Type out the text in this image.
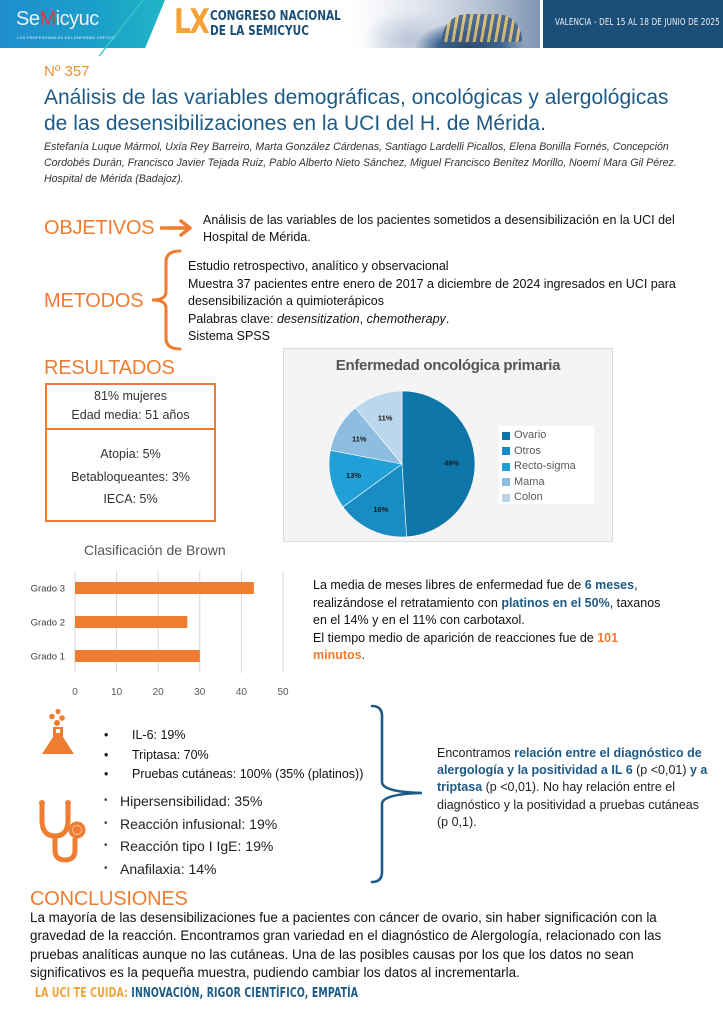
SeMicyuc
LOS PROFESIONALES DEL ENFERMO CRÍTICO LX CONGRESO NACIONAL
DE LA SEMICYUC
VALENCIA - DEL 15 AL 18 DE JUNIO DE 2025
Nº 357
Análisis de las variables demográficas, oncológicas y alergológicas de las desensibilizaciones en la UCI del H. de Mérida.
Estefanía Luque Mármol, Uxía Rey Barreiro, Marta González Cárdenas, Santiago Lardelli Picallos, Elena Bonilla Fornés, Concepción Cordobés Durán, Francisco Javier Tejada Ruiz, Pablo Alberto Nieto Sánchez, Miguel Francisco Benítez Morillo, Noemí Mara Gil Pérez.
Hospital de Mérida (Badajoz).
OBJETIVOS	Análisis de las variables de los pacientes sometidos a desensibilización en la UCI del Hospital de Mérida.
METODOS
Estudio retrospectivo, analítico y observacional
Muestra 37 pacientes entre enero de 2017 a diciembre de 2024 ingresados en UCI para desensibilización a quimioterápicos
Palabras clave: desensitization, chemotherapy.
Sistema SPSS
RESULTADOS
81% mujeres
Edad media: 51 años
Atopia: 5%
Betabloqueantes: 3%
IECA: 5%
49%
16%
13%
11%
11%
Enfermedad oncológica primaria
Ovario
Otros
Recto-sigma
Mama
Colon
Clasificación de Brown
0	10	20	30	40	50
Grado 3
Grado 2
Grado 1
La media de meses libres de enfermedad fue de 6 meses, realizándose el retratamiento con platinos en el 50%, taxanos en el 14% y en el 11% con carbotaxol.
El tiempo medio de aparición de reacciones fue de 101 minutos.
• IL-6: 19%
• Triptasa: 70%
• Pruebas cutáneas: 100% (35% (platinos))
• Hipersensibilidad: 35%
• Reacción infusional: 19%
• Reacción tipo I IgE: 19%
• Anafilaxia: 14%
Encontramos relación entre el diagnóstico de alergología y la positividad a IL 6 (p <0,01) y a triptasa (p <0,01). No hay relación entre el diagnóstico y la positividad a pruebas cutáneas (p 0,1).
CONCLUSIONES
La mayoría de las desensibilizaciones fue a pacientes con cáncer de ovario, sin haber significación con la gravedad de la reacción. Encontramos gran variedad en el diagnóstico de Alergología, relacionado con las pruebas analíticas aunque no las cutáneas. Una de las posibles causas por los que los datos no sean significativos es la pequeña muestra, pudiendo cambiar los datos al incrementarla.
LA UCI TE CUIDA: INNOVACIÓN, RIGOR CIENTÍFICO, EMPATÍA
